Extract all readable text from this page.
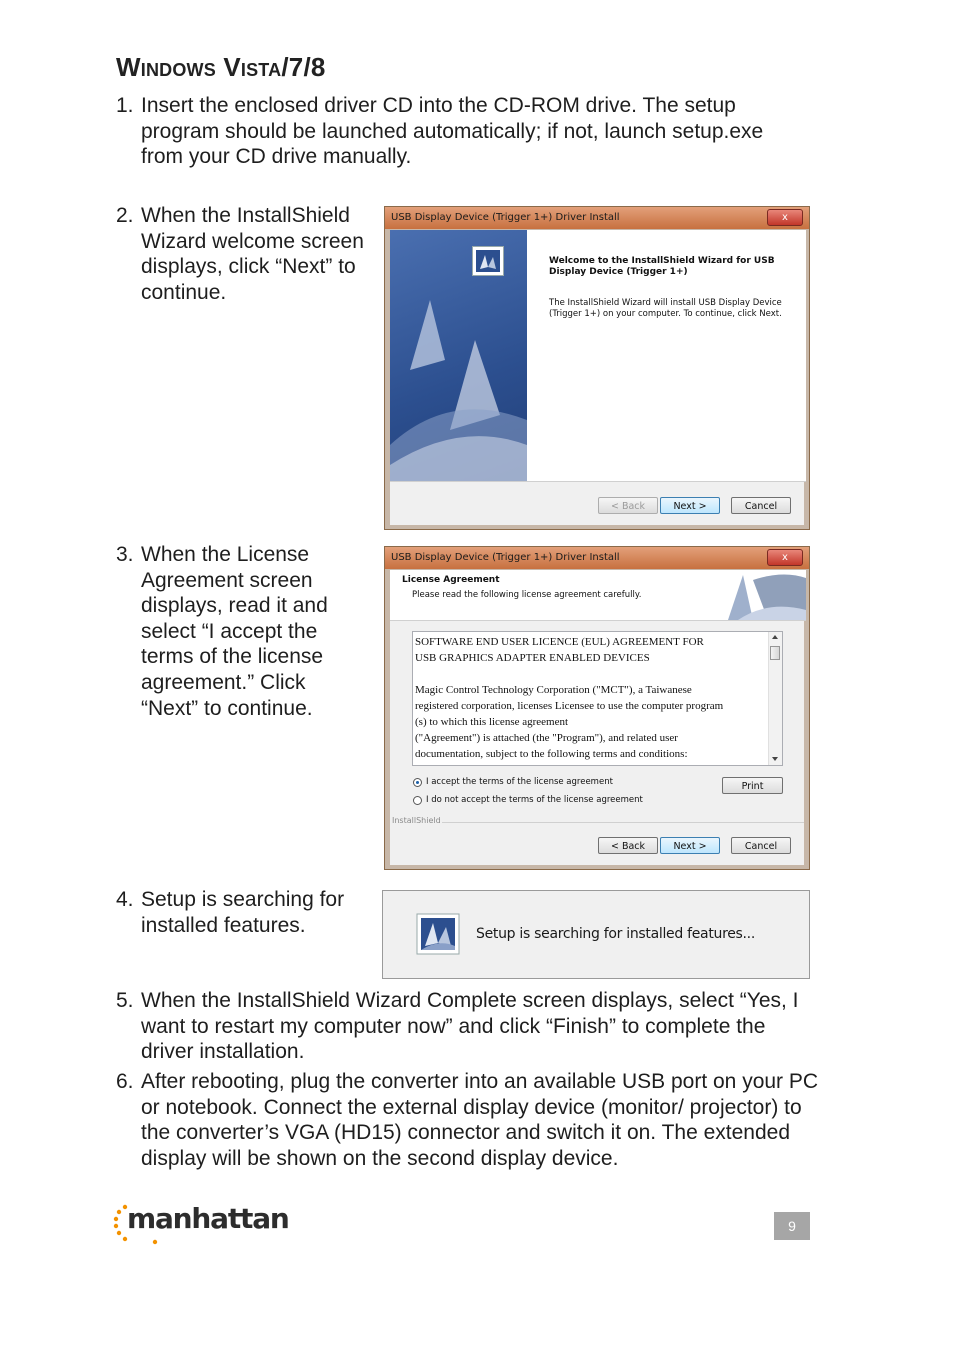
Windows Vista/7/8
1. Insert the enclosed driver CD into the CD-ROM drive. The setup program should be launched automatically; if not, launch setup.exe from your CD drive manually.
2. When the InstallShield Wizard welcome screen displays, click “Next” to continue.
USB Display Device (Trigger 1+) Driver Install	x
Welcome to the InstallShield Wizard for USB Display Device (Trigger 1+)
The InstallShield Wizard will install USB Display Device (Trigger 1+) on your computer. To continue, click Next.
< Back	Next >	Cancel
3. When the License Agreement screen displays, read it and select “I accept the terms of the license agreement.” Click “Next” to continue.
USB Display Device (Trigger 1+) Driver Install	x
License Agreement
Please read the following license agreement carefully.
SOFTWARE END USER LICENCE (EUL) AGREEMENT FOR
USB GRAPHICS ADAPTER ENABLED DEVICES
Magic Control Technology Corporation ("MCT"), a Taiwanese
registered corporation, licenses Licensee to use the computer program
(s) to which this license agreement
("Agreement") is attached (the "Program"), and related user
documentation, subject to the following terms and conditions:
I accept the terms of the license agreement
I do not accept the terms of the license agreement
Print
InstallShield
< Back	Next >	Cancel
4. Setup is searching for installed features.	Setup is searching for installed features...
5. When the InstallShield Wizard Complete screen displays, select “Yes, I want to restart my computer now” and click “Finish” to complete the driver installation.
6. After rebooting, plug the converter into an available USB port on your PC or notebook. Connect the external display device (monitor/ projector) to the converter’s VGA (HD15) connector and switch it on. The extended display will be shown on the second display device.
manhattan	9
